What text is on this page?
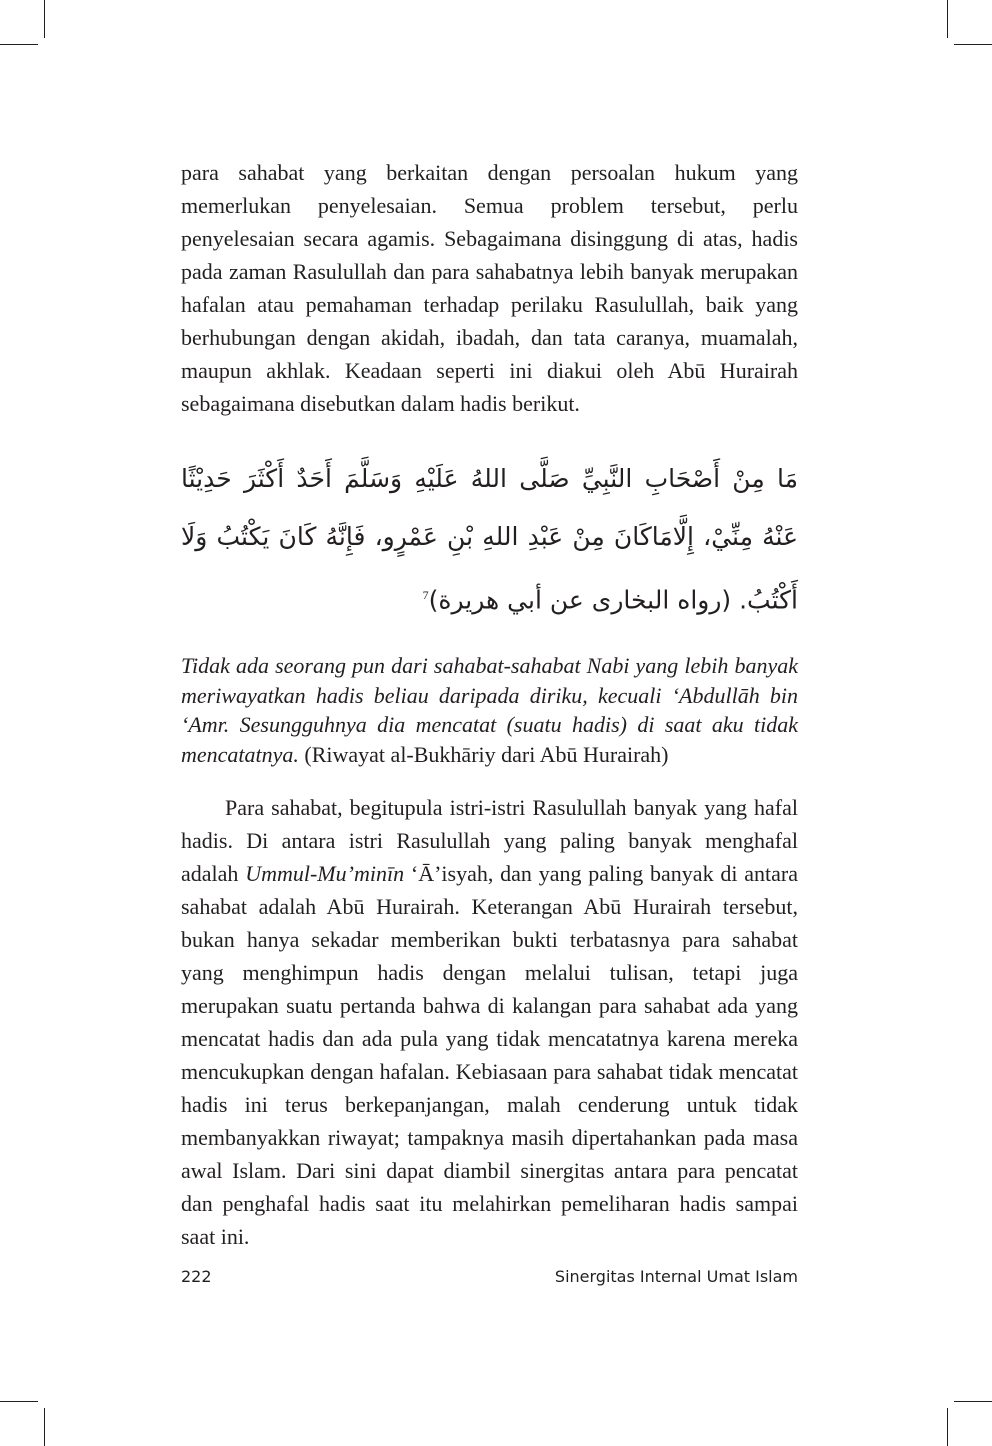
para sahabat yang berkaitan dengan persoalan hukum yang memerlukan penyelesaian. Semua problem tersebut, perlu penyelesaian secara agamis. Sebagaimana disinggung di atas, hadis pada zaman Rasulullah dan para sahabatnya lebih banyak merupakan hafalan atau pemahaman terhadap perilaku Rasulullah, baik yang berhubungan dengan akidah, ibadah, dan tata caranya, muamalah, maupun akhlak. Keadaan seperti ini diakui oleh Abū Hurairah sebagaimana disebutkan dalam hadis berikut.

مَا مِنْ أَصْحَابِ النَّبِيِّ صَلَّى اللهُ عَلَيْهِ وَسَلَّمَ أَحَدٌ أَكْثَرَ حَدِيْثًا عَنْهُ مِنِّيْ، إِلَّامَاكَانَ مِنْ عَبْدِ اللهِ بْنِ عَمْرٍو، فَإِنَّهُ كَانَ يَكْتُبُ وَلَا أَكْتُبُ. (رواه البخارى عن أبي هريرة)$^7$

Tidak ada seorang pun dari sahabat-sahabat Nabi yang lebih banyak meriwayatkan hadis beliau daripada diriku, kecuali ‘Abdullāh bin ‘Amr. Sesungguhnya dia mencatat (suatu hadis) di saat aku tidak mencatatnya. (Riwayat al-Bukhāriy dari Abū Hurairah)

Para sahabat, begitupula istri-istri Rasulullah banyak yang hafal hadis. Di antara istri Rasulullah yang paling banyak menghafal adalah Ummul-Mu’minīn ‘Ā’isyah, dan yang paling banyak di antara sahabat adalah Abū Hurairah. Keterangan Abū Hurairah tersebut, bukan hanya sekadar memberikan bukti terbatasnya para sahabat yang menghimpun hadis dengan melalui tulisan, tetapi juga merupakan suatu pertanda bahwa di kalangan para sahabat ada yang mencatat hadis dan ada pula yang tidak mencatatnya karena mereka mencukupkan dengan hafalan. Kebiasaan para sahabat tidak mencatat hadis ini terus berkepanjangan, malah cenderung untuk tidak membanyakkan riwayat; tampaknya masih dipertahankan pada masa awal Islam. Dari sini dapat diambil sinergitas antara para pencatat dan penghafal hadis saat itu melahirkan pemeliharan hadis sampai saat ini.

222	Sinergitas Internal Umat Islam
